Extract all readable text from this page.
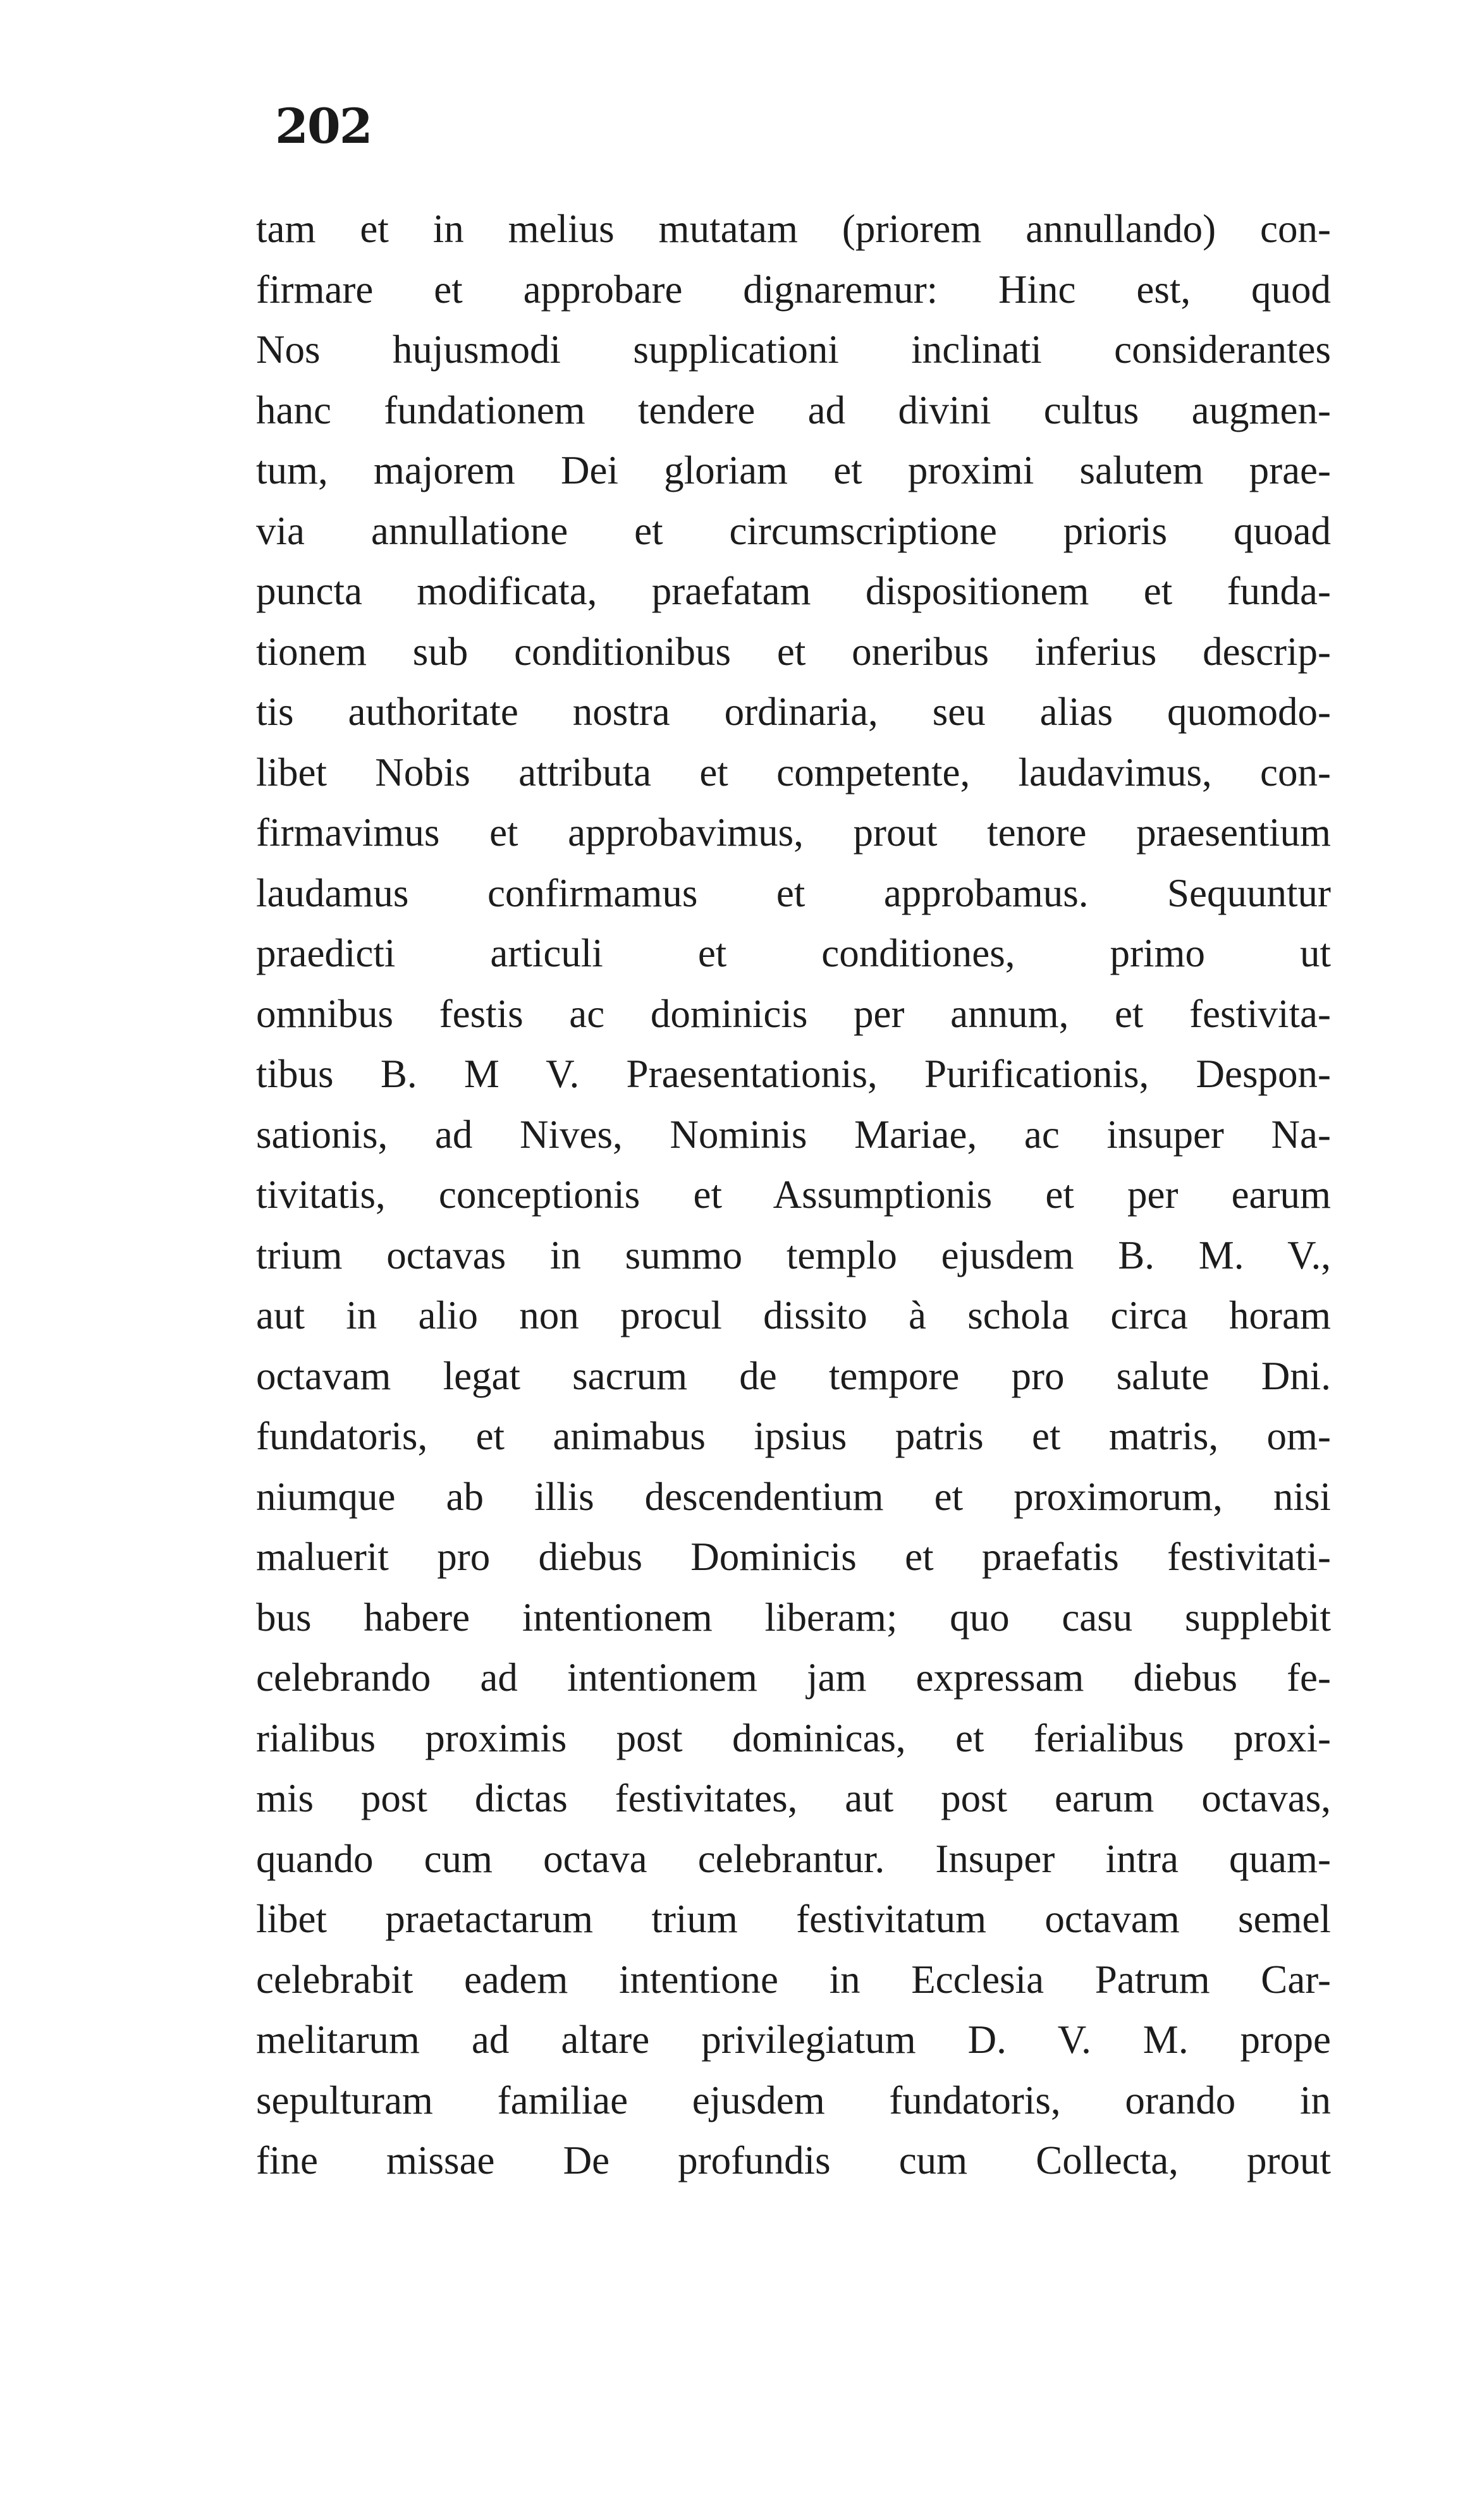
202
tam et in melius mutatam (priorem annullando) con-
firmare et approbare dignaremur: Hinc est, quod
Nos hujusmodi supplicationi inclinati considerantes
hanc fundationem tendere ad divini cultus augmen-
tum, majorem Dei gloriam et proximi salutem prae-
via annullatione et circumscriptione prioris quoad
puncta modificata, praefatam dispositionem et funda-
tionem sub conditionibus et oneribus inferius descrip-
tis authoritate nostra ordinaria, seu alias quomodo-
libet Nobis attributa et competente, laudavimus, con-
firmavimus et approbavimus, prout tenore praesentium
laudamus confirmamus et approbamus. Sequuntur
praedicti articuli et conditiones, primo ut
omnibus festis ac dominicis per annum, et festivita-
tibus B. M V. Praesentationis, Purificationis, Despon-
sationis, ad Nives, Nominis Mariae, ac insuper Na-
tivitatis, conceptionis et Assumptionis et per earum
trium octavas in summo templo ejusdem B. M. V.,
aut in alio non procul dissito à schola circa horam
octavam legat sacrum de tempore pro salute Dni.
fundatoris, et animabus ipsius patris et matris, om-
niumque ab illis descendentium et proximorum, nisi
maluerit pro diebus Dominicis et praefatis festivitati-
bus habere intentionem liberam; quo casu supplebit
celebrando ad intentionem jam expressam diebus fe-
rialibus proximis post dominicas, et ferialibus proxi-
mis post dictas festivitates, aut post earum octavas,
quando cum octava celebrantur. Insuper intra quam-
libet praetactarum trium festivitatum octavam semel
celebrabit eadem intentione in Ecclesia Patrum Car-
melitarum ad altare privilegiatum D. V. M. prope
sepulturam familiae ejusdem fundatoris, orando in
fine missae De profundis cum Collecta, prout
